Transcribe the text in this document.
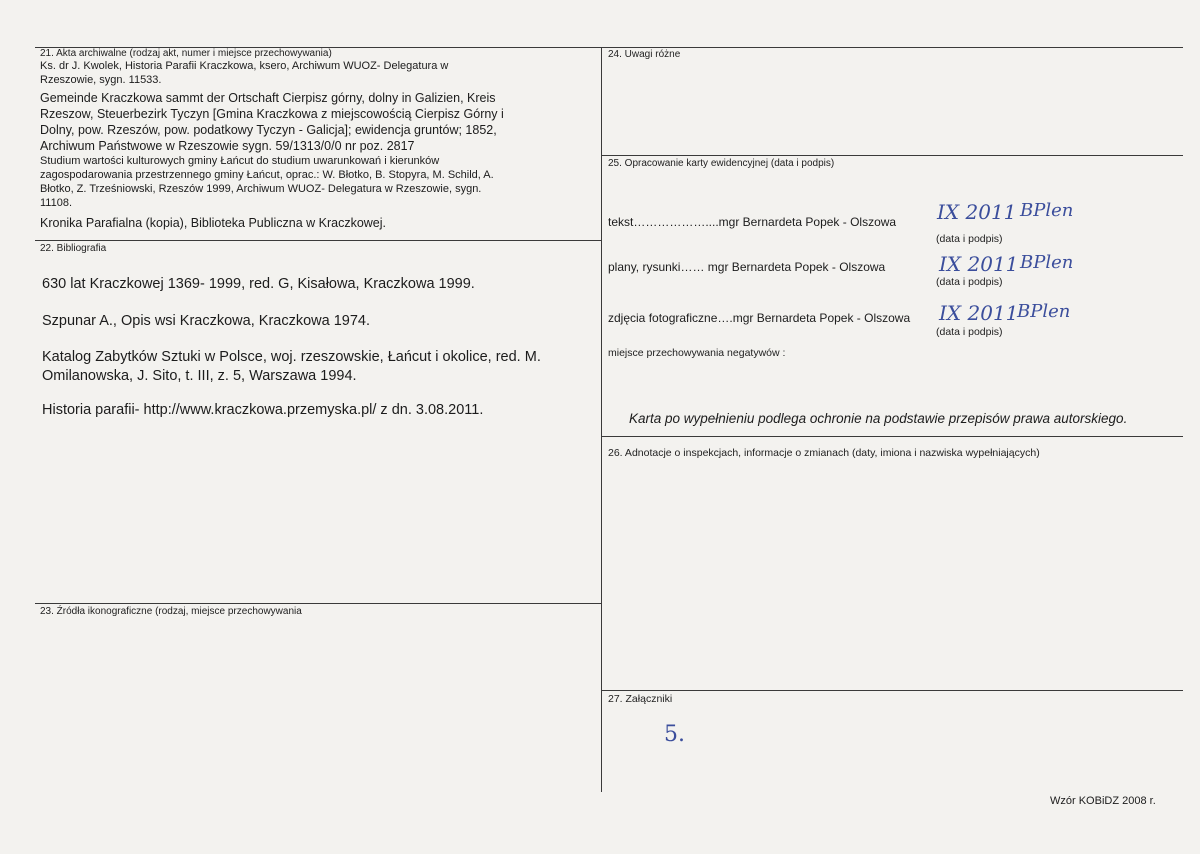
21. Akta archiwalne (rodzaj akt, numer i miejsce przechowywania)
Ks. dr J. Kwolek, Historia Parafii Kraczkowa, ksero, Archiwum WUOZ- Delegatura w
Rzeszowie, sygn. 11533.
Gemeinde Kraczkowa sammt der Ortschaft Cierpisz górny, dolny in Galizien, Kreis
Rzeszow, Steuerbezirk Tyczyn [Gmina Kraczkowa z miejscowością Cierpisz Górny i
Dolny, pow. Rzeszów, pow. podatkowy Tyczyn - Galicja]; ewidencja gruntów; 1852,
Archiwum Państwowe w Rzeszowie sygn. 59/1313/0/0 nr poz. 2817
Studium wartości kulturowych gminy Łańcut do studium uwarunkowań i kierunków
zagospodarowania przestrzennego gminy Łańcut, oprac.: W. Błotko, B. Stopyra, M. Schild, A.
Błotko, Z. Trześniowski, Rzeszów 1999, Archiwum WUOZ- Delegatura w Rzeszowie, sygn.
11108.
Kronika Parafialna (kopia), Biblioteka Publiczna w Kraczkowej.
22. Bibliografia
630 lat Kraczkowej 1369- 1999, red. G, Kisałowa, Kraczkowa 1999.
Szpunar A., Opis wsi Kraczkowa, Kraczkowa 1974.
Katalog Zabytków Sztuki w Polsce, woj. rzeszowskie, Łańcut i okolice, red. M.
Omilanowska, J. Sito, t. III, z. 5, Warszawa 1994.
Historia parafii- http://www.kraczkowa.przemyska.pl/ z dn. 3.08.2011.
23. Źródła ikonograficzne (rodzaj, miejsce przechowywania
24. Uwagi różne
25. Opracowanie karty ewidencyjnej (data i podpis)
tekst………………....mgr Bernardeta Popek - Olszowa IX 2011 BPlen
(data i podpis)
plany, rysunki…… mgr Bernardeta Popek - Olszowa	IX 2011 BPlen
(data i podpis)
zdjęcia fotograficzne….mgr Bernardeta Popek - Olszowa IX 2011
BPlen
(data i podpis)
miejsce przechowywania negatywów :
Karta po wypełnieniu podlega ochronie na podstawie przepisów prawa autorskiego.
26. Adnotacje o inspekcjach, informacje o zmianach (daty, imiona i nazwiska wypełniających)
27. Załączniki
5.
Wzór KOBiDZ 2008 r.
